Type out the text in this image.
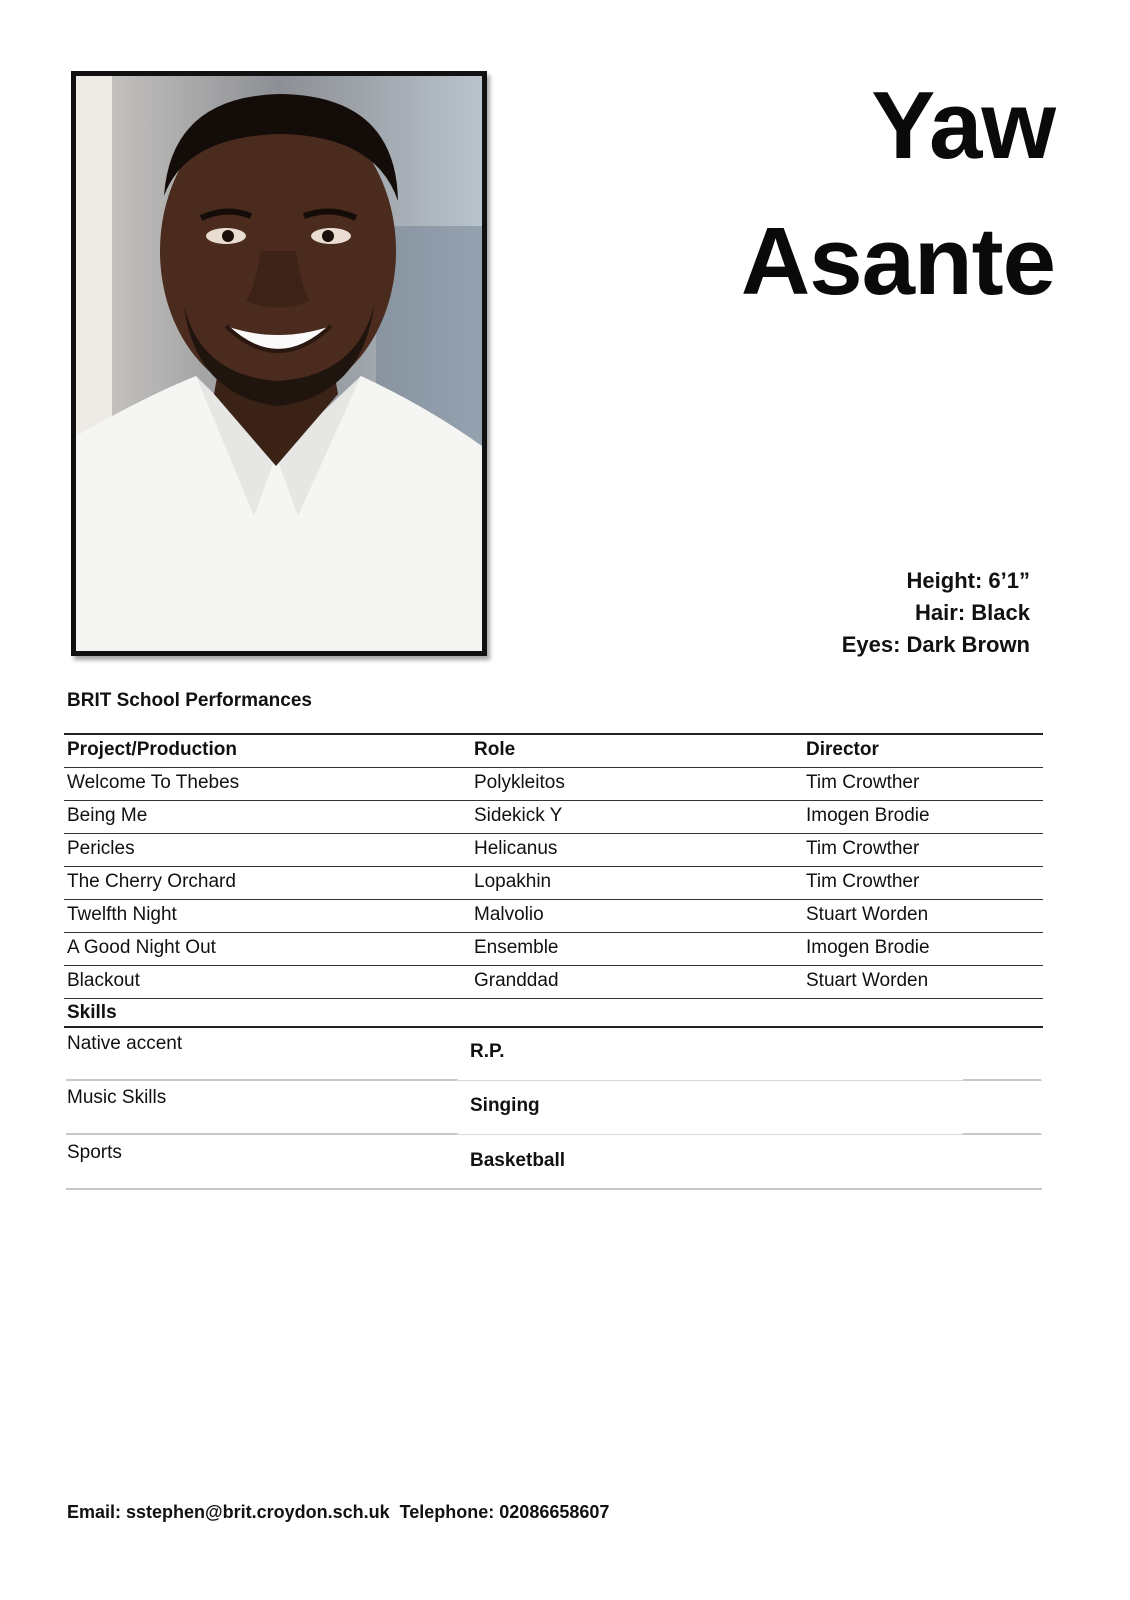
Yaw
Asante
Height: 6’1”
Hair: Black
Eyes: Dark Brown
BRIT School Performances
Project/Production	Role	Director
Welcome To Thebes	Polykleitos	Tim Crowther
Being Me	Sidekick Y	Imogen Brodie
Pericles	Helicanus	Tim Crowther
The Cherry Orchard	Lopakhin	Tim Crowther
Twelfth Night	Malvolio	Stuart Worden
A Good Night Out	Ensemble	Imogen Brodie
Blackout	Granddad	Stuart Worden
Skills
Native accent	R.P.
Music Skills	Singing
Sports	Basketball
Email: sstephen@brit.croydon.sch.uk  Telephone: 02086658607
